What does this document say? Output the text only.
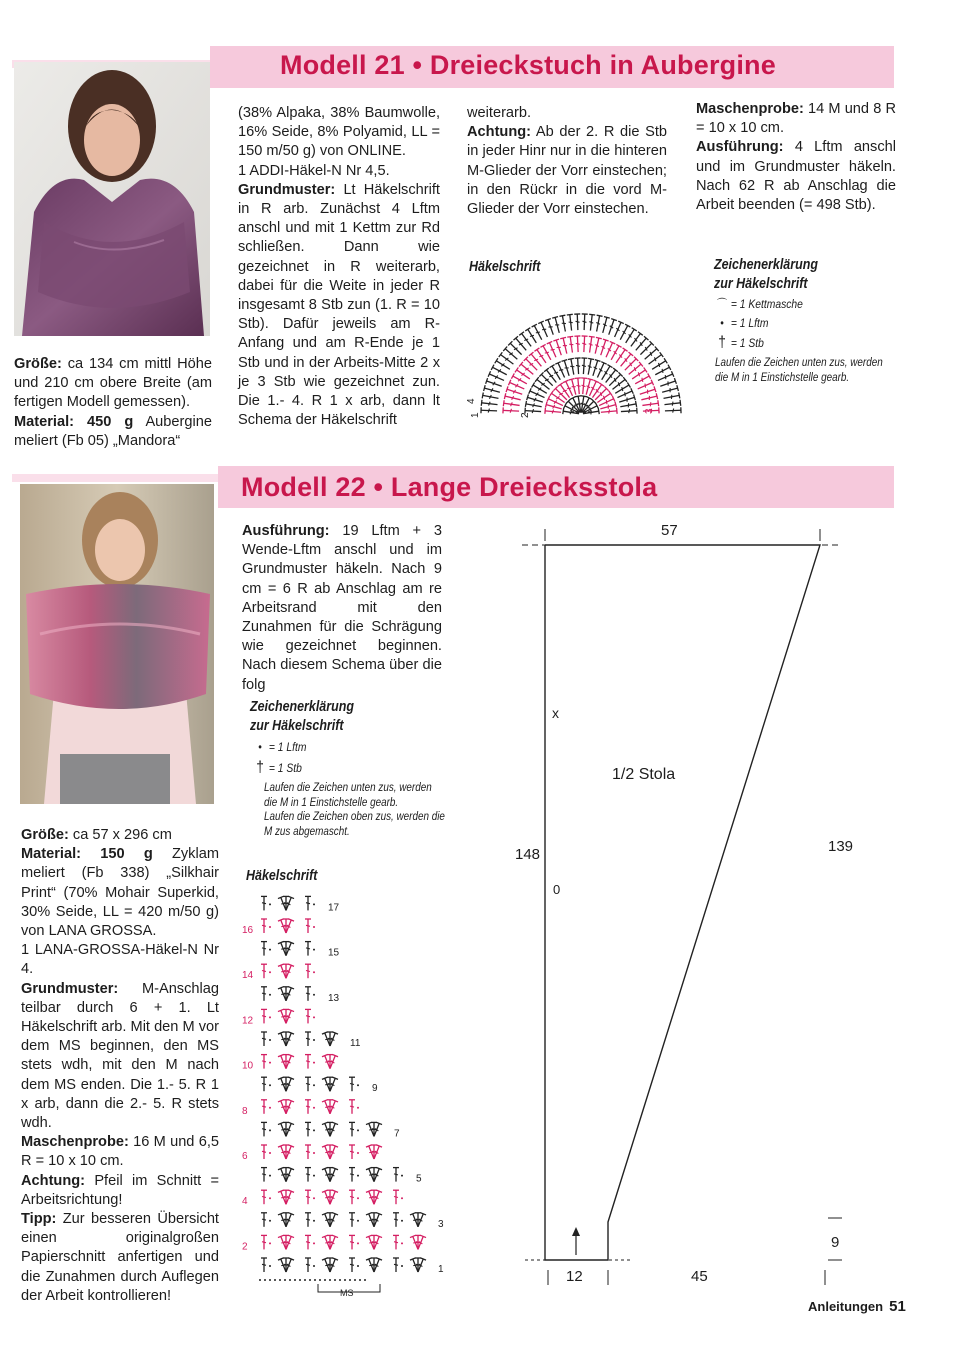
Modell 21 • Dreieckstuch in Aubergine

Größe: ca 134 cm mittl Höhe und 210 cm obere Breite (am fertigen Modell gemessen).

Material: 450 g Aubergine meliert (Fb 05) „Mandora“

(38% Alpaka, 38% Baumwolle, 16% Seide, 8% Polyamid, LL = 150 m/50 g) von ONLINE.

1 ADDI-Häkel-N Nr 4,5.

Grundmuster: Lt Häkelschrift in R arb. Zunächst 4 Lftm anschl und mit 1 Kettm zur Rd schließen. Dann wie gezeichnet in R weiterarb, dabei für die Weite in jeder R insgesamt 8 Stb zun (1. R = 10 Stb). Dafür jeweils am R-Anfang und am R-Ende je 1 Stb und in der Arbeits-Mitte 2 x je 3 Stb wie gezeichnet zun. Die 1.- 4. R 1 x arb, dann lt Schema der Häkelschrift

weiterarb.

Achtung: Ab der 2. R die Stb in jeder Hinr nur in die hinteren M-Glieder der Vorr einstechen; in den Rückr in die vord M-Glieder der Vorr einstechen.

Maschenprobe: 14 M und 8 R = 10 x 10 cm.

Ausführung: 4 Lftm anschl und im Grundmuster häkeln. Nach 62 R ab Anschlag die Arbeit beenden (= 498 Stb).

Häkelschrift
1	2
3
4
Zeichenerklärung
zur Häkelschrift
⌒ = 1 Kettmasche
• = 1 Lftm
† = 1 Stb
Laufen die Zeichen unten zus, werden die M in 1 Einstichstelle gearb.
Modell 22 • Lange Dreiecksstola

Größe: ca 57 x 296 cm

Material: 150 g Zyklam meliert (Fb 338) „Silkhair Print“ (70% Mohair Superkid, 30% Seide, LL = 420 m/50 g) von LANA GROSSA.

1 LANA-GROSSA-Häkel-N Nr 4.

Grundmuster: M-Anschlag teilbar durch 6 + 1. Lt Häkelschrift arb. Mit den M vor dem MS beginnen, den MS stets wdh, mit den M nach dem MS enden. Die 1.- 5. R 1 x arb, dann die 2.- 5. R stets wdh.

Maschenprobe: 16 M und 6,5 R = 10 x 10 cm.

Achtung: Pfeil im Schnitt = Arbeitsrichtung!

Tipp: Zur besseren Übersicht einen originalgroßen Papierschnitt anfertigen und die Zunahmen durch Auflegen der Arbeit kontrollieren!

Ausführung: 19 Lftm + 3 Wende-Lftm anschl und im Grundmuster häkeln. Nach 9 cm = 6 R ab Anschlag am re Arbeitsrand mit den Zunahmen für die Schrägung wie gezeichnet beginnen. Nach diesem Schema über die folg

Zeichenerklärung
zur Häkelschrift
• = 1 Lftm
† = 1 Stb
Laufen die Zeichen unten zus, werden die M in 1 Einstichstelle gearb.
Laufen die Zeichen oben zus, werden die M zus abgemascht.
Häkelschrift
1
2
3
4
5
6
7
8
9
10
11
12
13
14
15
16
17
MS
57
x
1/2 Stola
148
0
139
9
12	45
Anleitungen 51
